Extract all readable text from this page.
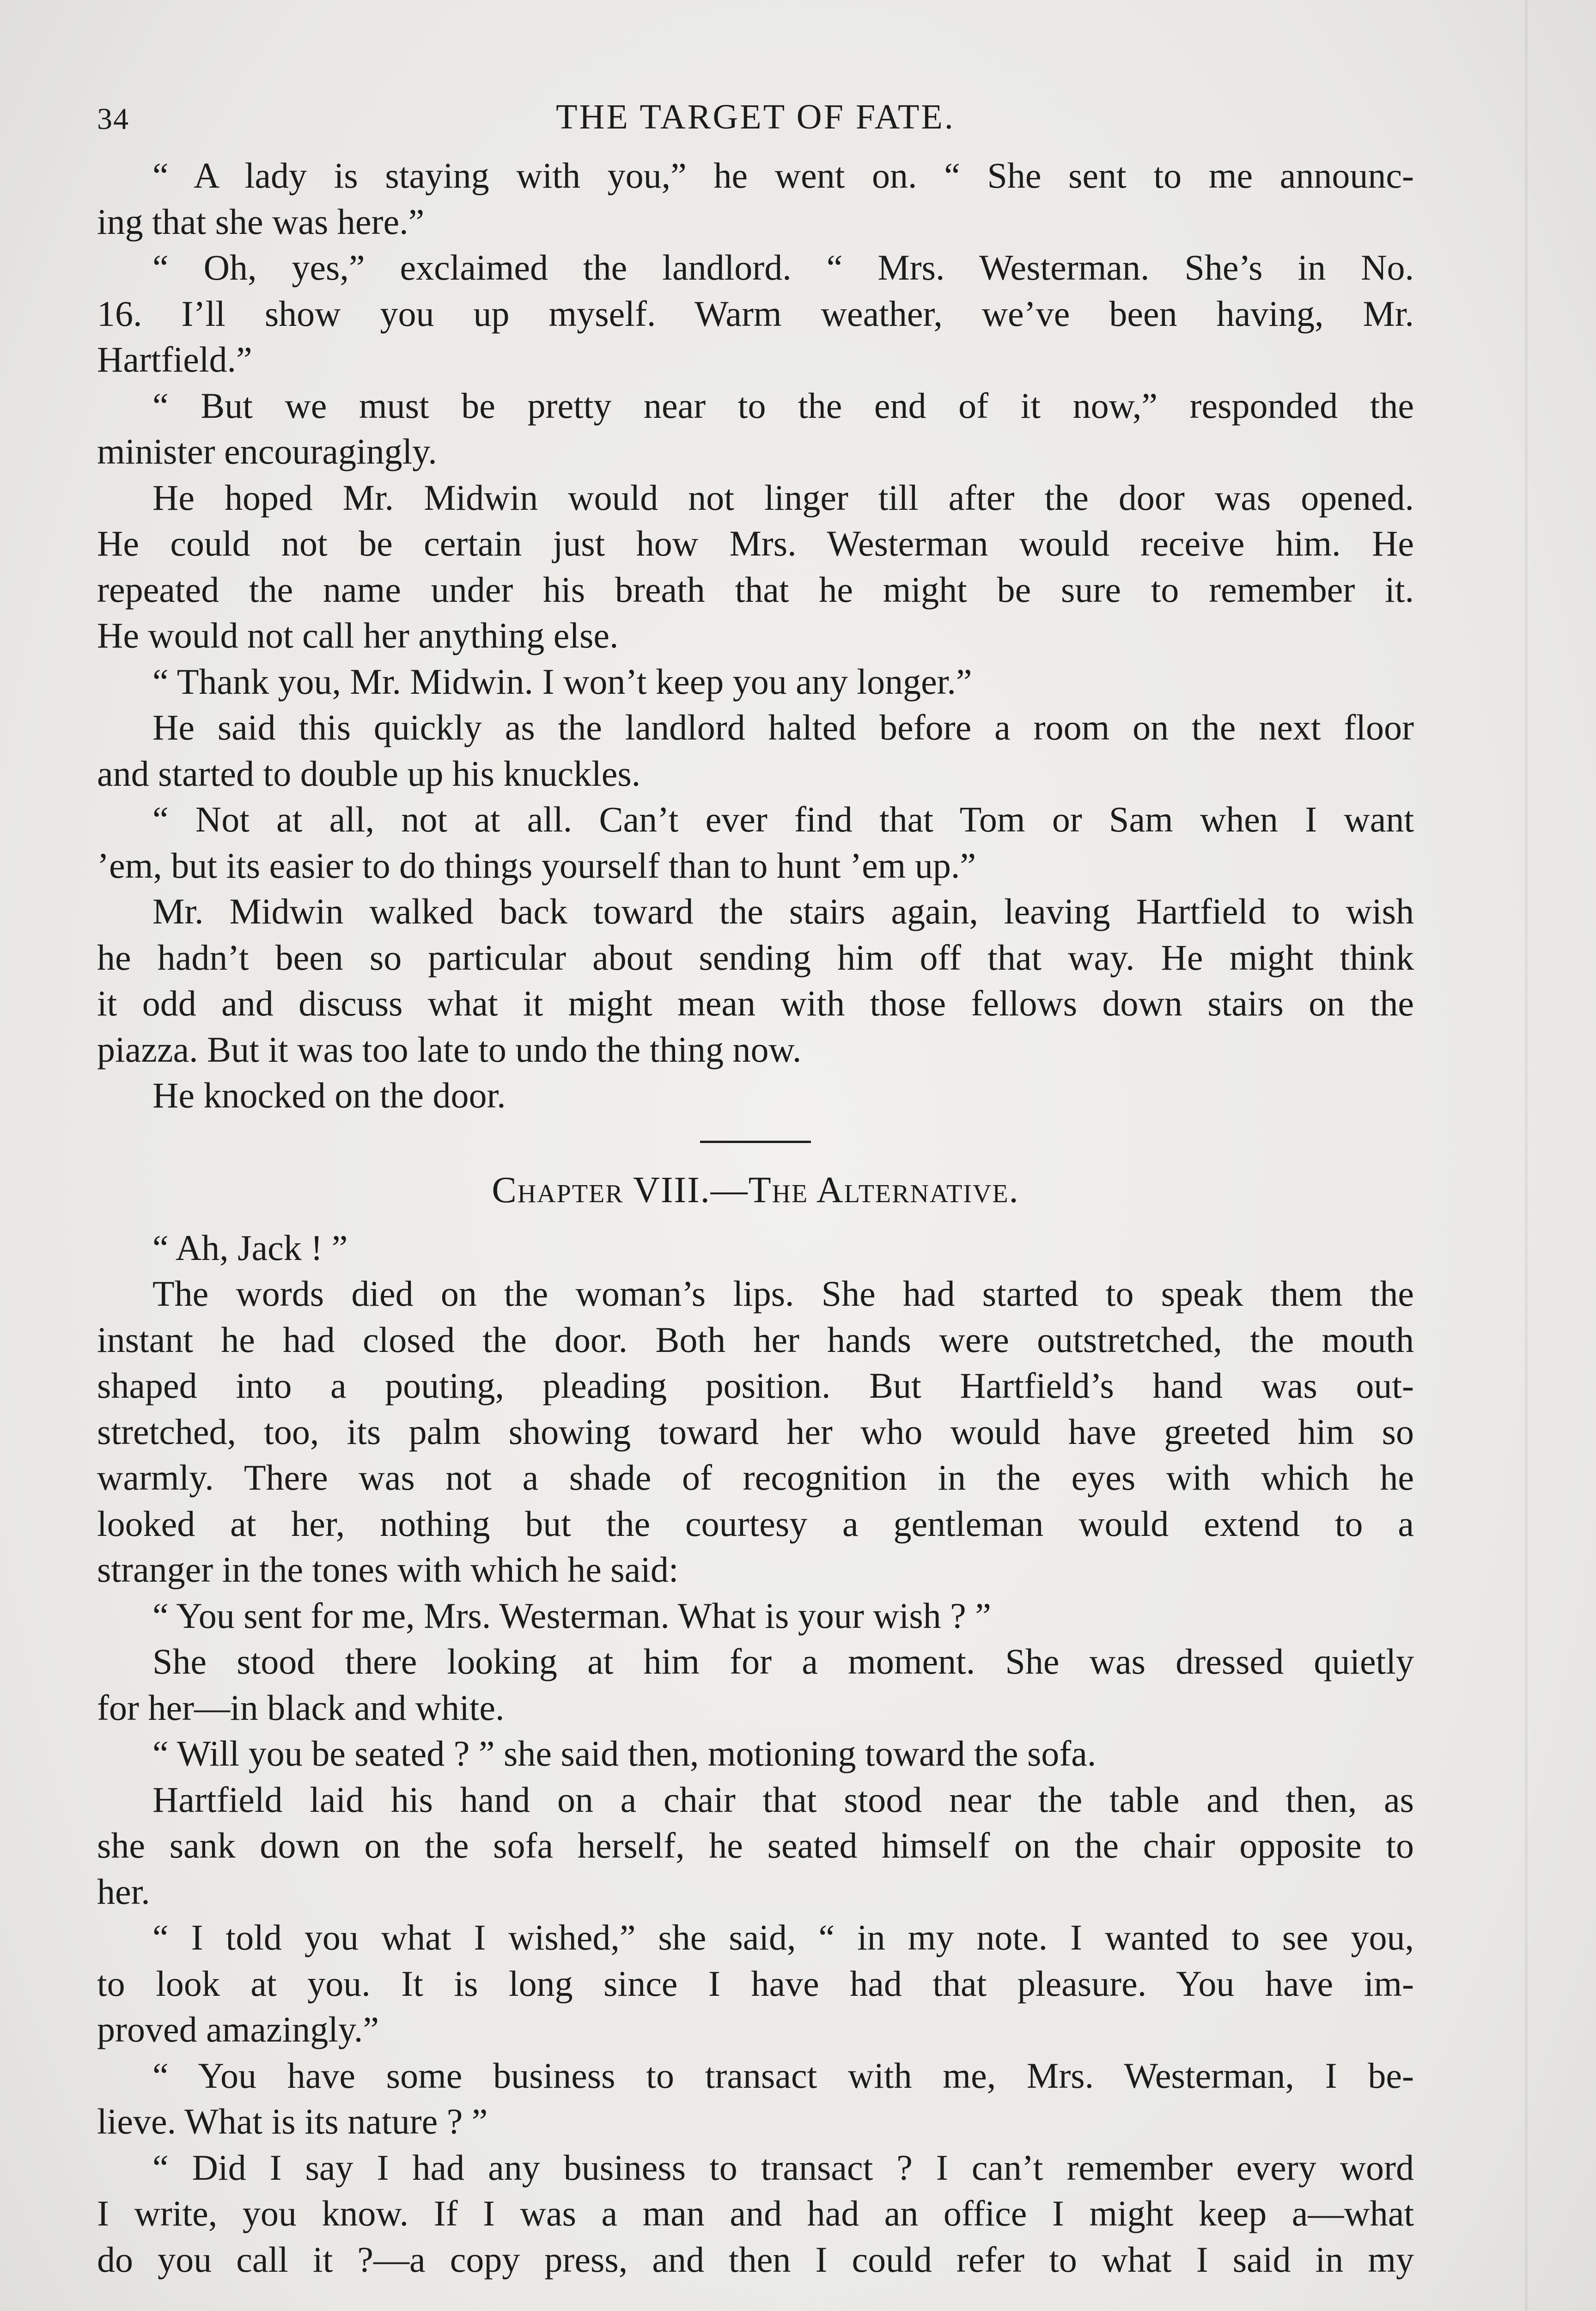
34	THE TARGET OF FATE.
“ A lady is staying with you,” he went on. “ She sent to me announc-
ing that she was here.”
“ Oh, yes,” exclaimed the landlord. “ Mrs. Westerman. She’s in No.
16. I’ll show you up myself. Warm weather, we’ve been having, Mr.
Hartfield.”
“ But we must be pretty near to the end of it now,” responded the
minister encouragingly.
He hoped Mr. Midwin would not linger till after the door was opened.
He could not be certain just how Mrs. Westerman would receive him. He
repeated the name under his breath that he might be sure to remember it.
He would not call her anything else.
“ Thank you, Mr. Midwin. I won’t keep you any longer.”
He said this quickly as the landlord halted before a room on the next floor
and started to double up his knuckles.
“ Not at all, not at all. Can’t ever find that Tom or Sam when I want
’em, but its easier to do things yourself than to hunt ’em up.”
Mr. Midwin walked back toward the stairs again, leaving Hartfield to wish
he hadn’t been so particular about sending him off that way. He might think
it odd and discuss what it might mean with those fellows down stairs on the
piazza. But it was too late to undo the thing now.
He knocked on the door.
Chapter VIII.—The Alternative.
“ Ah, Jack ! ”
The words died on the woman’s lips. She had started to speak them the
instant he had closed the door. Both her hands were outstretched, the mouth
shaped into a pouting, pleading position. But Hartfield’s hand was out-
stretched, too, its palm showing toward her who would have greeted him so
warmly. There was not a shade of recognition in the eyes with which he
looked at her, nothing but the courtesy a gentleman would extend to a
stranger in the tones with which he said:
“ You sent for me, Mrs. Westerman. What is your wish ? ”
She stood there looking at him for a moment. She was dressed quietly
for her—in black and white.
“ Will you be seated ? ” she said then, motioning toward the sofa.
Hartfield laid his hand on a chair that stood near the table and then, as
she sank down on the sofa herself, he seated himself on the chair opposite to
her.
“ I told you what I wished,” she said, “ in my note. I wanted to see you,
to look at you. It is long since I have had that pleasure. You have im-
proved amazingly.”
“ You have some business to transact with me, Mrs. Westerman, I be-
lieve. What is its nature ? ”
“ Did I say I had any business to transact ? I can’t remember every word
I write, you know. If I was a man and had an office I might keep a—what
do you call it ?—a copy press, and then I could refer to what I said in my
